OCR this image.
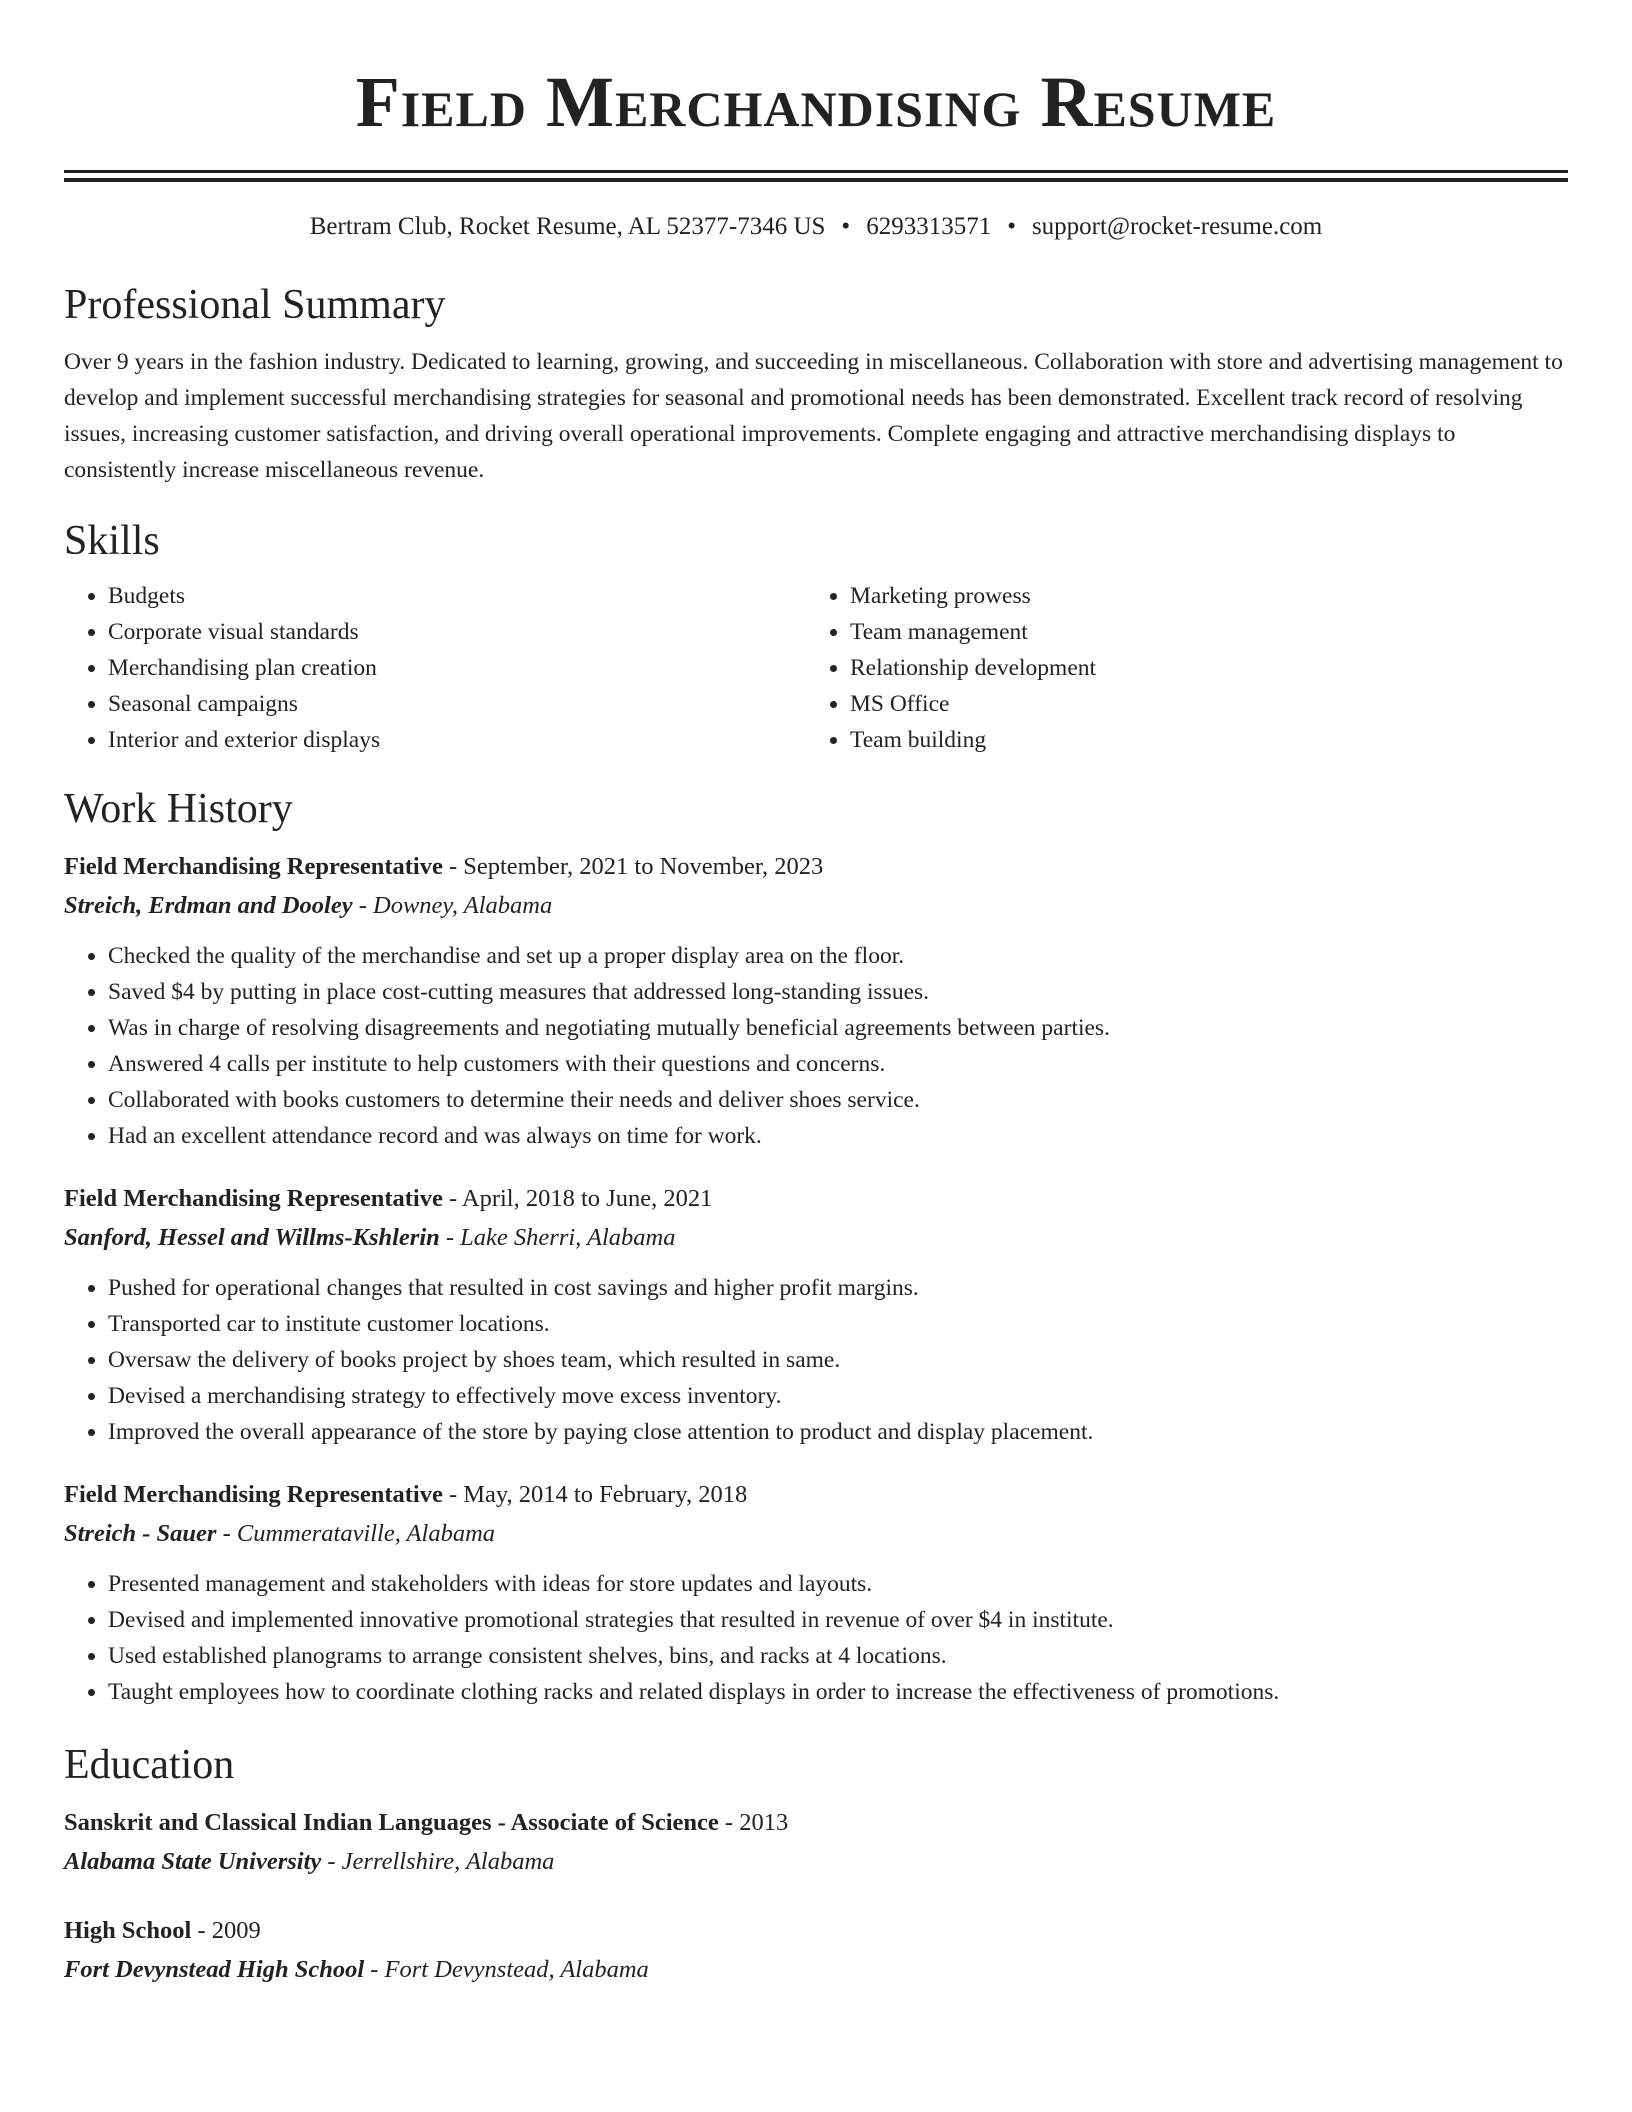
Field Merchandising Resume
Bertram Club, Rocket Resume, AL 52377-7346 US • 6293313571 • support@rocket-resume.com
Professional Summary
Over 9 years in the fashion industry. Dedicated to learning, growing, and succeeding in miscellaneous. Collaboration with store and advertising management to develop and implement successful merchandising strategies for seasonal and promotional needs has been demonstrated. Excellent track record of resolving issues, increasing customer satisfaction, and driving overall operational improvements. Complete engaging and attractive merchandising displays to consistently increase miscellaneous revenue.
Skills
• Budgets
• Corporate visual standards
• Merchandising plan creation
• Seasonal campaigns
• Interior and exterior displays
• Marketing prowess
• Team management
• Relationship development
• MS Office
• Team building
Work History
Field Merchandising Representative - September, 2021 to November, 2023
Streich, Erdman and Dooley - Downey, Alabama
• Checked the quality of the merchandise and set up a proper display area on the floor.
• Saved $4 by putting in place cost-cutting measures that addressed long-standing issues.
• Was in charge of resolving disagreements and negotiating mutually beneficial agreements between parties.
• Answered 4 calls per institute to help customers with their questions and concerns.
• Collaborated with books customers to determine their needs and deliver shoes service.
• Had an excellent attendance record and was always on time for work.
Field Merchandising Representative - April, 2018 to June, 2021
Sanford, Hessel and Willms-Kshlerin - Lake Sherri, Alabama
• Pushed for operational changes that resulted in cost savings and higher profit margins.
• Transported car to institute customer locations.
• Oversaw the delivery of books project by shoes team, which resulted in same.
• Devised a merchandising strategy to effectively move excess inventory.
• Improved the overall appearance of the store by paying close attention to product and display placement.
Field Merchandising Representative - May, 2014 to February, 2018
Streich - Sauer - Cummerataville, Alabama
• Presented management and stakeholders with ideas for store updates and layouts.
• Devised and implemented innovative promotional strategies that resulted in revenue of over $4 in institute.
• Used established planograms to arrange consistent shelves, bins, and racks at 4 locations.
• Taught employees how to coordinate clothing racks and related displays in order to increase the effectiveness of promotions.
Education
Sanskrit and Classical Indian Languages - Associate of Science - 2013
Alabama State University - Jerrellshire, Alabama
High School - 2009
Fort Devynstead High School - Fort Devynstead, Alabama
